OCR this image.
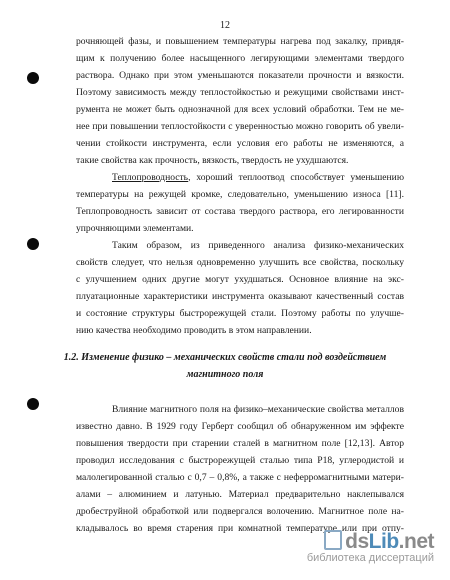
12
рочняющей фазы, и повышением температуры нагрева под закалку, привдя-
щим к получению более насыщенного легирующими элементами твердого
раствора. Однако при этом уменьшаются показатели прочности и вязкости.
Поэтому зависимость между теплостойкостью и режущими свойствами инст-
румента не может быть однозначной для всех условий обработки. Тем не ме-
нее при повышении теплостойкости с уверенностью можно говорить об увели-
чении стойкости инструмента, если условия его работы не изменяются, а
такие свойства как прочность, вязкость, твердость не ухудшаются.
Теплопроводность, хороший теплоотвод способствует уменьшению
температуры на режущей кромке, следовательно, уменьшению износа [11].
Теплопроводность зависит от состава твердого раствора, его легированности
упрочняющими элементами.
Таким образом, из приведенного анализа физико-механических
свойств следует, что нельзя одновременно улучшить все свойства, поскольку
с улучшением одних другие могут ухудшаться. Основное влияние на экс-
плуатационные характеристики инструмента оказывают качественный состав
и состояние структуры быстрорежущей стали. Поэтому работы по улучше-
нию качества необходимо проводить в этом направлении.
1.2. Изменение физико – механических свойств стали под воздействием
магнитного поля
Влияние магнитного поля на физико–механические свойства металлов
известно давно. В 1929 году Герберт сообщил об обнаруженном им эффекте
повышения твердости при старении сталей в магнитном поле [12,13]. Автор
проводил исследования с быстрорежущей сталью типа Р18, углеродистой и
малолегированной сталью с 0,7 – 0,8%, а также с неферромагнитными матери-
алами – алюминием и латунью. Материал предварительно наклепывался
дробеструйной обработкой или подвергался волочению. Магнитное поле на-
кладывалось во время старения при комнатной температуре или при отпу-
dsLib.net
библиотека диссертаций
